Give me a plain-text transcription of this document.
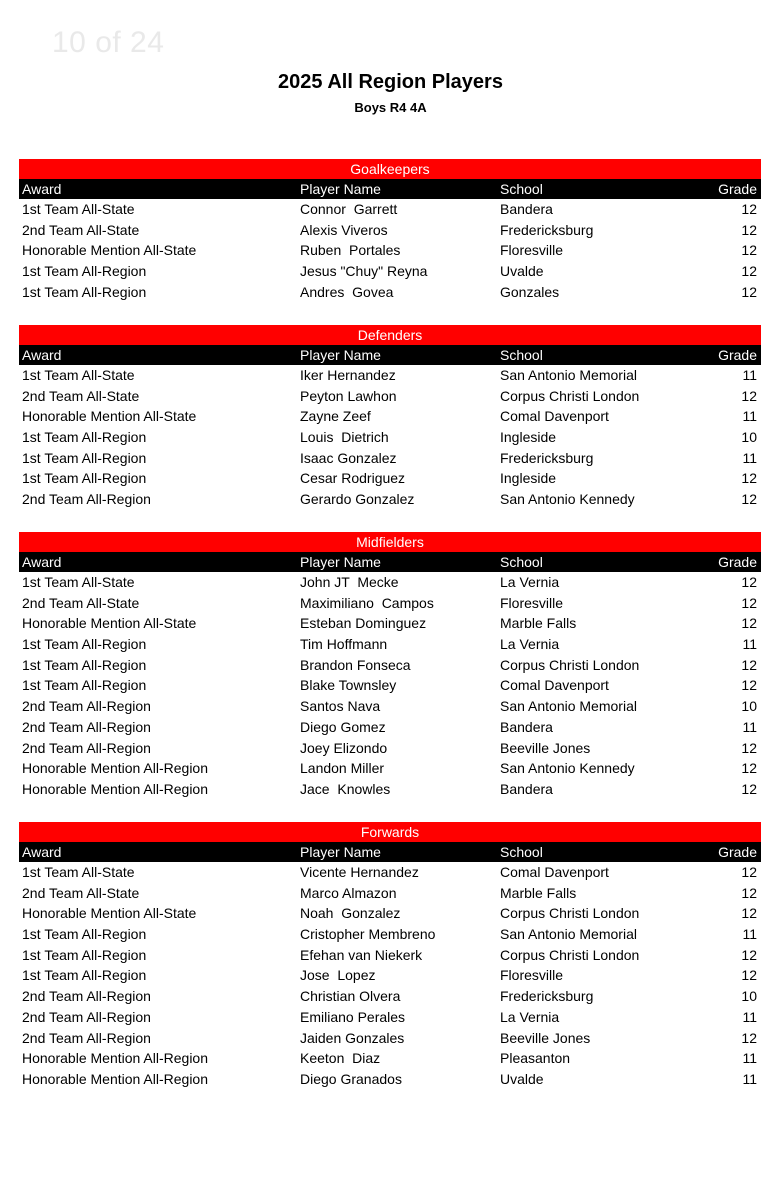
10 of 24
2025 All Region Players
Boys R4 4A
Goalkeepers
Award	Player Name	School	Grade
1st Team All-State	Connor  Garrett	Bandera	12
2nd Team All-State	Alexis Viveros	Fredericksburg	12
Honorable Mention All-State	Ruben  Portales	Floresville	12
1st Team All-Region	Jesus "Chuy" Reyna	Uvalde	12
1st Team All-Region	Andres  Govea	Gonzales	12
Defenders
Award	Player Name	School	Grade
1st Team All-State	Iker Hernandez	San Antonio Memorial	11
2nd Team All-State	Peyton Lawhon	Corpus Christi London	12
Honorable Mention All-State	Zayne Zeef	Comal Davenport	11
1st Team All-Region	Louis  Dietrich	Ingleside	10
1st Team All-Region	Isaac Gonzalez	Fredericksburg	11
1st Team All-Region	Cesar Rodriguez	Ingleside	12
2nd Team All-Region	Gerardo Gonzalez	San Antonio Kennedy	12
Midfielders
Award	Player Name	School	Grade
1st Team All-State	John JT  Mecke	La Vernia	12
2nd Team All-State	Maximiliano  Campos	Floresville	12
Honorable Mention All-State	Esteban Dominguez	Marble Falls	12
1st Team All-Region	Tim Hoffmann	La Vernia	11
1st Team All-Region	Brandon Fonseca	Corpus Christi London	12
1st Team All-Region	Blake Townsley	Comal Davenport	12
2nd Team All-Region	Santos Nava	San Antonio Memorial	10
2nd Team All-Region	Diego Gomez	Bandera	11
2nd Team All-Region	Joey Elizondo	Beeville Jones	12
Honorable Mention All-Region	Landon Miller	San Antonio Kennedy	12
Honorable Mention All-Region	Jace  Knowles	Bandera	12
Forwards
Award	Player Name	School	Grade
1st Team All-State	Vicente Hernandez	Comal Davenport	12
2nd Team All-State	Marco Almazon	Marble Falls	12
Honorable Mention All-State	Noah  Gonzalez	Corpus Christi London	12
1st Team All-Region	Cristopher Membreno	San Antonio Memorial	11
1st Team All-Region	Efehan van Niekerk	Corpus Christi London	12
1st Team All-Region	Jose  Lopez	Floresville	12
2nd Team All-Region	Christian Olvera	Fredericksburg	10
2nd Team All-Region	Emiliano Perales	La Vernia	11
2nd Team All-Region	Jaiden Gonzales	Beeville Jones	12
Honorable Mention All-Region	Keeton  Diaz	Pleasanton	11
Honorable Mention All-Region	Diego Granados	Uvalde	11
